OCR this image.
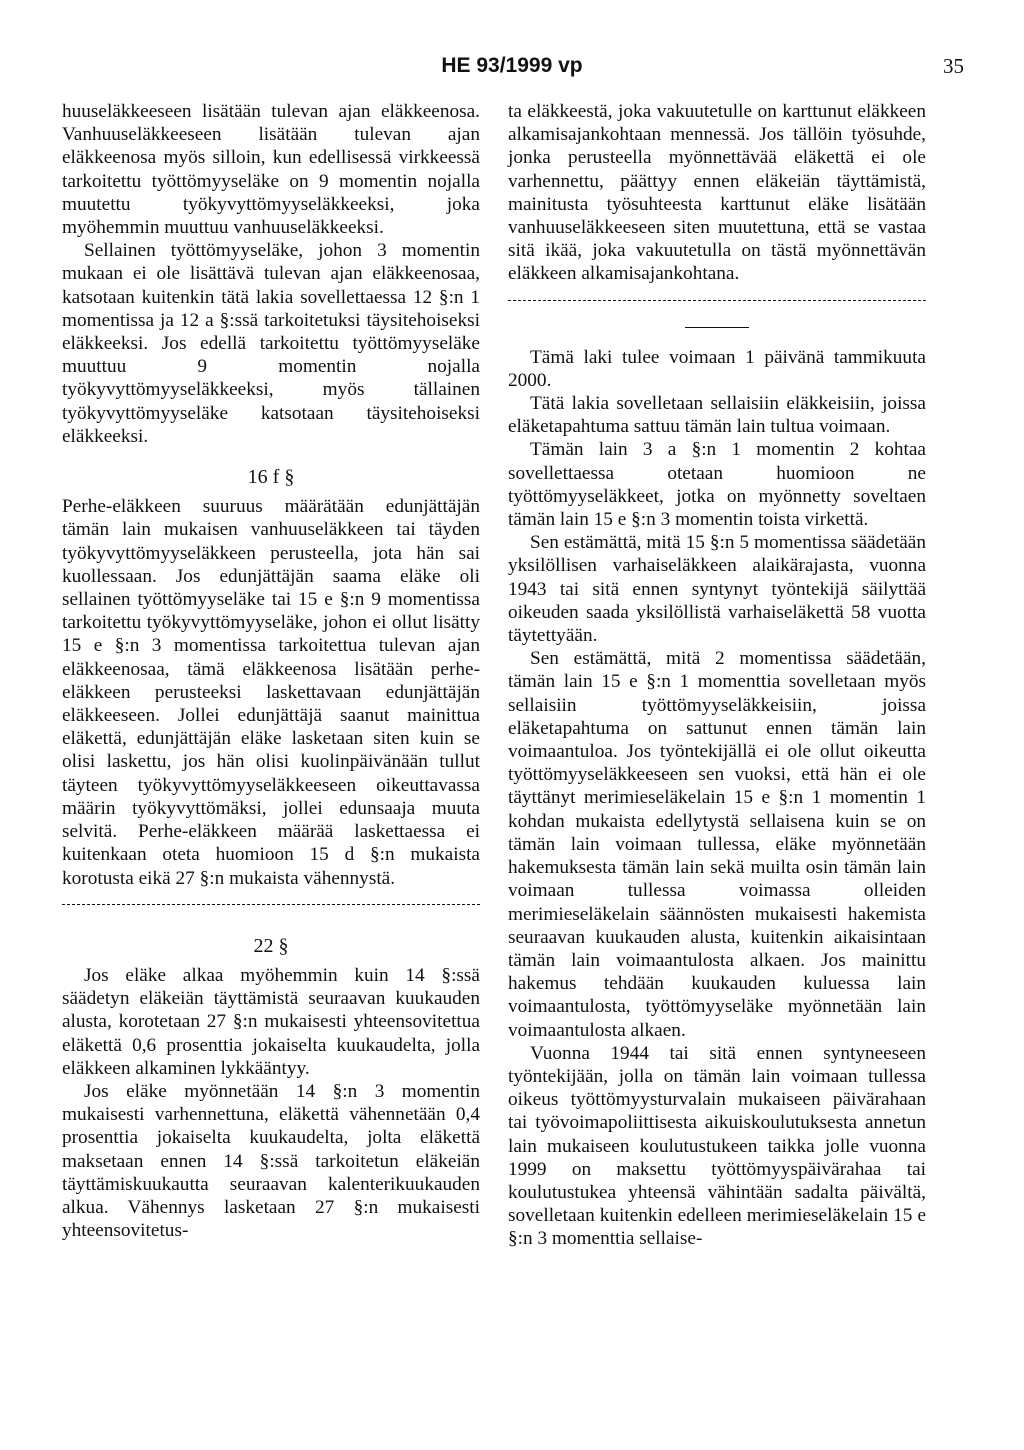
HE 93/1999 vp	35

huuseläkkeeseen lisätään tulevan ajan eläkkeenosa. Vanhuuseläkkeeseen lisätään tulevan ajan eläkkeenosa myös silloin, kun edellisessä virkkeessä tarkoitettu työttömyyseläke on 9 momentin nojalla muutettu työkyvyttömyyseläkkeeksi, joka myöhemmin muuttuu vanhuuseläkkeeksi.

Sellainen työttömyyseläke, johon 3 momentin mukaan ei ole lisättävä tulevan ajan eläkkeenosaa, katsotaan kuitenkin tätä lakia sovellettaessa 12 §:n 1 momentissa ja 12 a §:ssä tarkoitetuksi täysitehoiseksi eläkkeeksi. Jos edellä tarkoitettu työttömyyseläke muuttuu 9 momentin nojalla työkyvyttömyyseläkkeeksi, myös tällainen työkyvyttömyyseläke katsotaan täysitehoiseksi eläkkeeksi.

16 f §

Perhe-eläkkeen suuruus määrätään edunjättäjän tämän lain mukaisen vanhuuseläkkeen tai täyden työkyvyttömyyseläkkeen perusteella, jota hän sai kuollessaan. Jos edunjättäjän saama eläke oli sellainen työttömyyseläke tai 15 e §:n 9 momentissa tarkoitettu työkyvyttömyyseläke, johon ei ollut lisätty 15 e §:n 3 momentissa tarkoitettua tulevan ajan eläkkeenosaa, tämä eläkkeenosa lisätään perhe-eläkkeen perusteeksi laskettavaan edunjättäjän eläkkeeseen. Jollei edunjättäjä saanut mainittua eläkettä, edunjättäjän eläke lasketaan siten kuin se olisi laskettu, jos hän olisi kuolinpäivänään tullut täyteen työkyvyttömyyseläkkeeseen oikeuttavassa määrin työkyvyttömäksi, jollei edunsaaja muuta selvitä. Perhe-eläkkeen määrää laskettaessa ei kuitenkaan oteta huomioon 15 d §:n mukaista korotusta eikä 27 §:n mukaista vähennystä.

22 §

Jos eläke alkaa myöhemmin kuin 14 §:ssä säädetyn eläkeiän täyttämistä seuraavan kuukauden alusta, korotetaan 27 §:n mukaisesti yhteensovitettua eläkettä 0,6 prosenttia jokaiselta kuukaudelta, jolla eläkkeen alkaminen lykkääntyy.

Jos eläke myönnetään 14 §:n 3 momentin mukaisesti varhennettuna, eläkettä vähennetään 0,4 prosenttia jokaiselta kuukaudelta, jolta eläkettä maksetaan ennen 14 §:ssä tarkoitetun eläkeiän täyttämiskuukautta seuraavan kalenterikuukauden alkua. Vähennys lasketaan 27 §:n mukaisesti yhteensovitetus-

ta eläkkeestä, joka vakuutetulle on karttunut eläkkeen alkamisajankohtaan mennessä. Jos tällöin työsuhde, jonka perusteella myönnettävää eläkettä ei ole varhennettu, päättyy ennen eläkeiän täyttämistä, mainitusta työsuhteesta karttunut eläke lisätään vanhuuseläkkeeseen siten muutettuna, että se vastaa sitä ikää, joka vakuutetulla on tästä myönnettävän eläkkeen alkamisajankohtana.

Tämä laki tulee voimaan 1 päivänä tammikuuta 2000.

Tätä lakia sovelletaan sellaisiin eläkkeisiin, joissa eläketapahtuma sattuu tämän lain tultua voimaan.

Tämän lain 3 a §:n 1 momentin 2 kohtaa sovellettaessa otetaan huomioon ne työttömyyseläkkeet, jotka on myönnetty soveltaen tämän lain 15 e §:n 3 momentin toista virkettä.

Sen estämättä, mitä 15 §:n 5 momentissa säädetään yksilöllisen varhaiseläkkeen alaikärajasta, vuonna 1943 tai sitä ennen syntynyt työntekijä säilyttää oikeuden saada yksilöllistä varhaiseläkettä 58 vuotta täytettyään.

Sen estämättä, mitä 2 momentissa säädetään, tämän lain 15 e §:n 1 momenttia sovelletaan myös sellaisiin työttömyyseläkkeisiin, joissa eläketapahtuma on sattunut ennen tämän lain voimaantuloa. Jos työntekijällä ei ole ollut oikeutta työttömyyseläkkeeseen sen vuoksi, että hän ei ole täyttänyt merimieseläkelain 15 e §:n 1 momentin 1 kohdan mukaista edellytystä sellaisena kuin se on tämän lain voimaan tullessa, eläke myönnetään hakemuksesta tämän lain sekä muilta osin tämän lain voimaan tullessa voimassa olleiden merimieseläkelain säännösten mukaisesti hakemista seuraavan kuukauden alusta, kuitenkin aikaisintaan tämän lain voimaantulosta alkaen. Jos mainittu hakemus tehdään kuukauden kuluessa lain voimaantulosta, työttömyyseläke myönnetään lain voimaantulosta alkaen.

Vuonna 1944 tai sitä ennen syntyneeseen työntekijään, jolla on tämän lain voimaan tullessa oikeus työttömyysturvalain mukaiseen päivärahaan tai työvoimapoliittisesta aikuiskoulutuksesta annetun lain mukaiseen koulutustukeen taikka jolle vuonna 1999 on maksettu työttömyyspäivärahaa tai koulutustukea yhteensä vähintään sadalta päivältä, sovelletaan kuitenkin edelleen merimieseläkelain 15 e §:n 3 momenttia sellaise-
